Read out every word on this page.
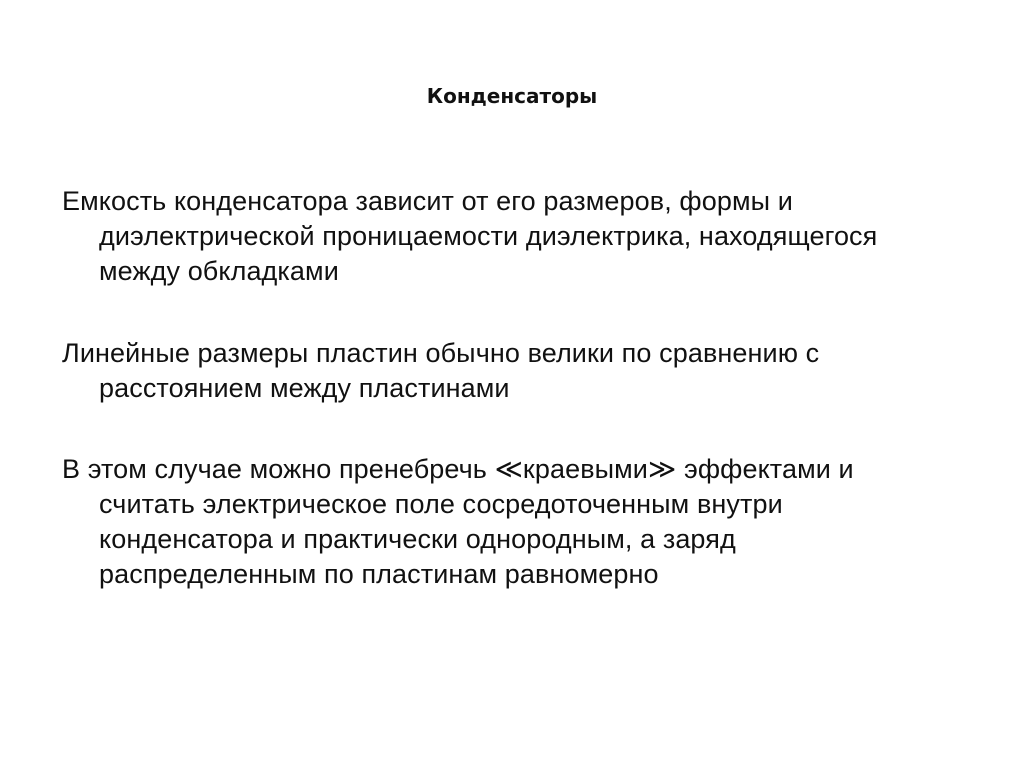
Конденсаторы
Емкость конденсатора зависит от его размеров, формы и
диэлектрической проницаемости диэлектрика, находящегося
между обкладками
Линейные размеры пластин обычно велики по сравнению с
расстоянием между пластинами
В этом случае можно пренебречь ≪краевыми≫ эффектами и
считать электрическое поле сосредоточенным внутри
конденсатора и практически однородным, а заряд
распределенным по пластинам равномерно
